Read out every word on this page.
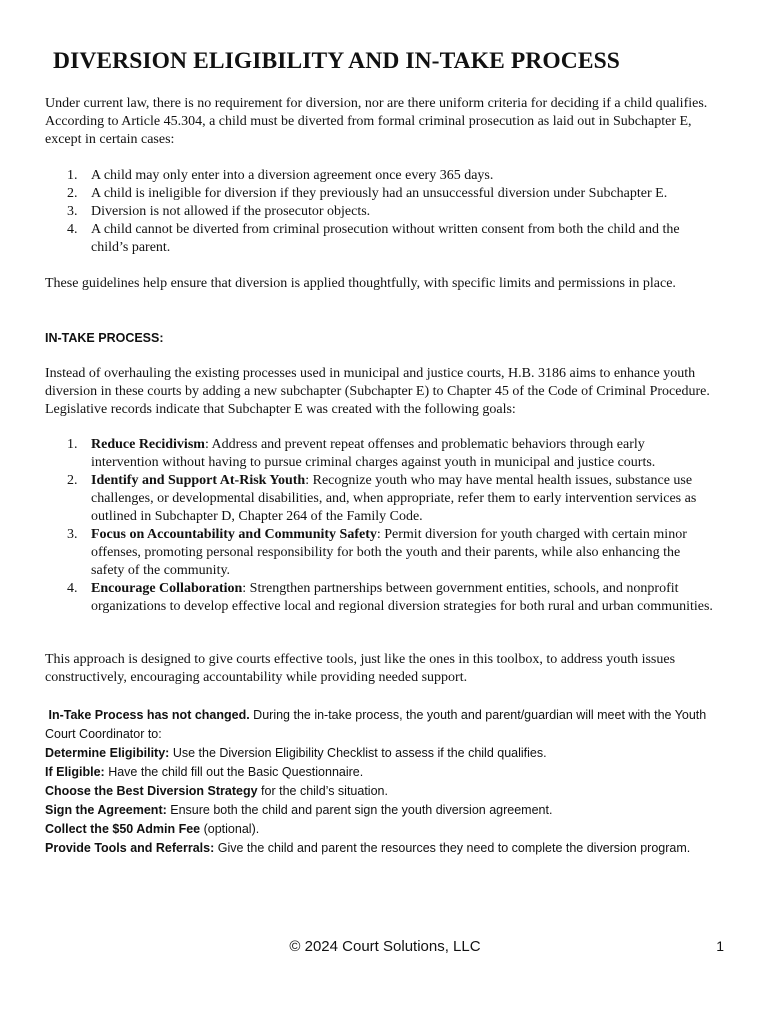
DIVERSION ELIGIBILITY AND IN-TAKE PROCESS

Under current law, there is no requirement for diversion, nor are there uniform criteria for deciding if a child qualifies. According to Article 45.304, a child must be diverted from formal criminal prosecution as laid out in Subchapter E, except in certain cases:

1. A child may only enter into a diversion agreement once every 365 days.
2. A child is ineligible for diversion if they previously had an unsuccessful diversion under Subchapter E.
3. Diversion is not allowed if the prosecutor objects.
4. A child cannot be diverted from criminal prosecution without written consent from both the child and the child’s parent.

These guidelines help ensure that diversion is applied thoughtfully, with specific limits and permissions in place.

IN-TAKE PROCESS:

Instead of overhauling the existing processes used in municipal and justice courts, H.B. 3186 aims to enhance youth diversion in these courts by adding a new subchapter (Subchapter E) to Chapter 45 of the Code of Criminal Procedure. Legislative records indicate that Subchapter E was created with the following goals:

1. Reduce Recidivism: Address and prevent repeat offenses and problematic behaviors through early intervention without having to pursue criminal charges against youth in municipal and justice courts.
2. Identify and Support At-Risk Youth: Recognize youth who may have mental health issues, substance use challenges, or developmental disabilities, and, when appropriate, refer them to early intervention services as outlined in Subchapter D, Chapter 264 of the Family Code.
3. Focus on Accountability and Community Safety: Permit diversion for youth charged with certain minor offenses, promoting personal responsibility for both the youth and their parents, while also enhancing the safety of the community.
4. Encourage Collaboration: Strengthen partnerships between government entities, schools, and nonprofit organizations to develop effective local and regional diversion strategies for both rural and urban communities.

This approach is designed to give courts effective tools, just like the ones in this toolbox, to address youth issues constructively, encouraging accountability while providing needed support.

In-Take Process has not changed. During the in-take process, the youth and parent/guardian will meet with the Youth Court Coordinator to:

Determine Eligibility: Use the Diversion Eligibility Checklist to assess if the child qualifies.

If Eligible: Have the child fill out the Basic Questionnaire.

Choose the Best Diversion Strategy for the child’s situation.

Sign the Agreement: Ensure both the child and parent sign the youth diversion agreement.

Collect the $50 Admin Fee (optional).

Provide Tools and Referrals: Give the child and parent the resources they need to complete the diversion program.

© 2024 Court Solutions, LLC	1
